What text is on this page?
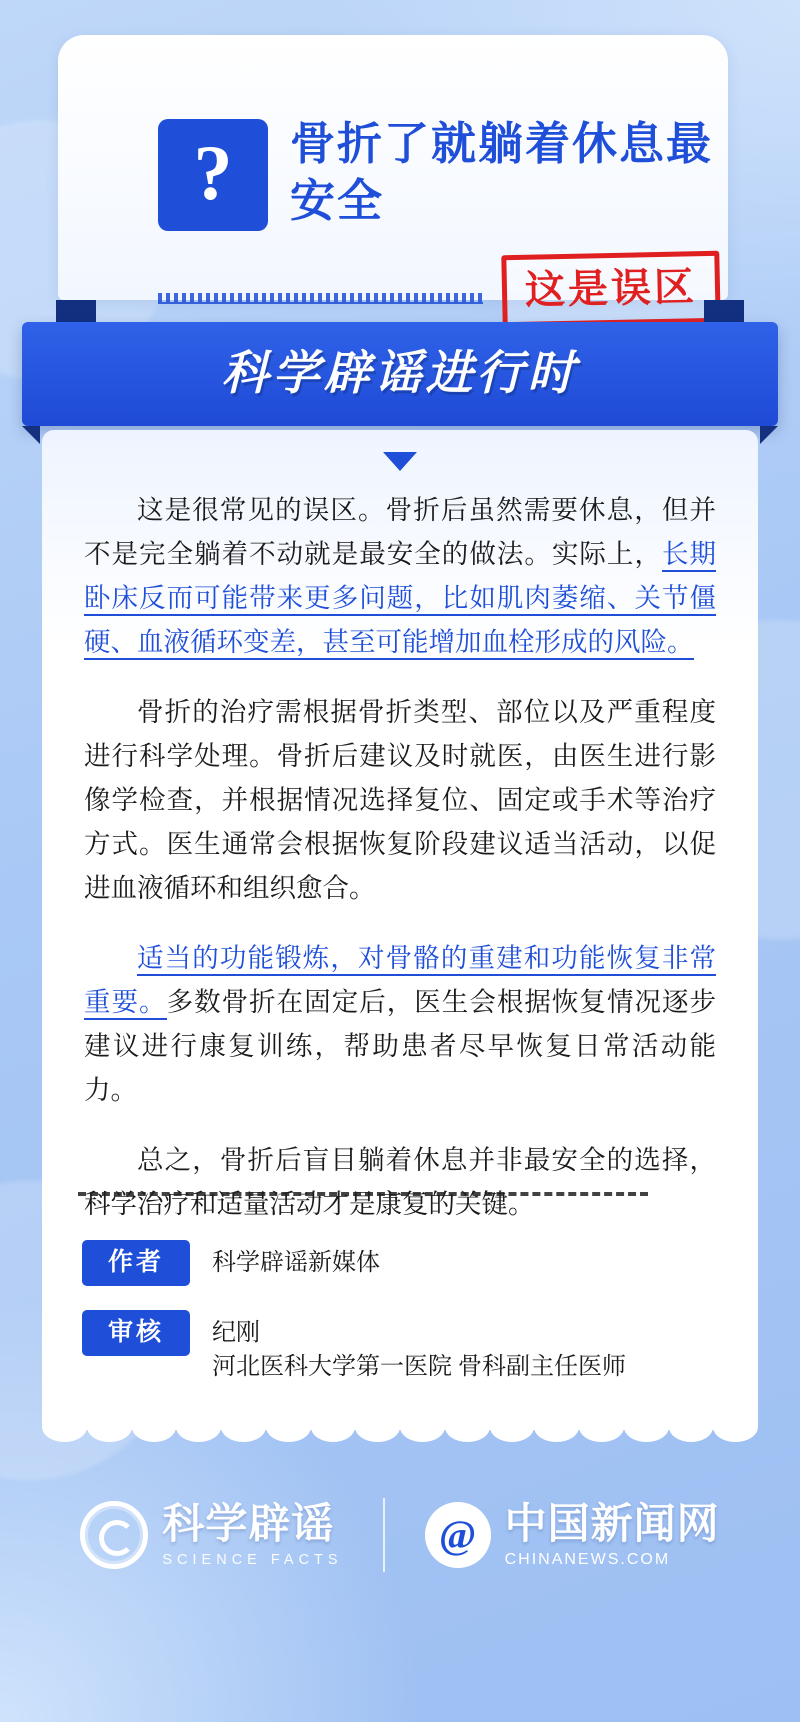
?	骨折了就躺着休息最安全
这是误区
科学辟谣进行时

这是很常见的误区。骨折后虽然需要休息，但并不是完全躺着不动就是最安全的做法。实际上，长期卧床反而可能带来更多问题，比如肌肉萎缩、关节僵硬、血液循环变差，甚至可能增加血栓形成的风险。

骨折的治疗需根据骨折类型、部位以及严重程度进行科学处理。骨折后建议及时就医，由医生进行影像学检查，并根据情况选择复位、固定或手术等治疗方式。医生通常会根据恢复阶段建议适当活动，以促进血液循环和组织愈合。

适当的功能锻炼，对骨骼的重建和功能恢复非常重要。多数骨折在固定后，医生会根据恢复情况逐步建议进行康复训练，帮助患者尽早恢复日常活动能力。

总之，骨折后盲目躺着休息并非最安全的选择，科学治疗和适量活动才是康复的关键。

作者	科学辟谣新媒体
审核	纪刚
河北医科大学第一医院 骨科副主任医师
科学辟谣
SCIENCE FACTS
@ 中国新闻网
CHINANEWS.COM
